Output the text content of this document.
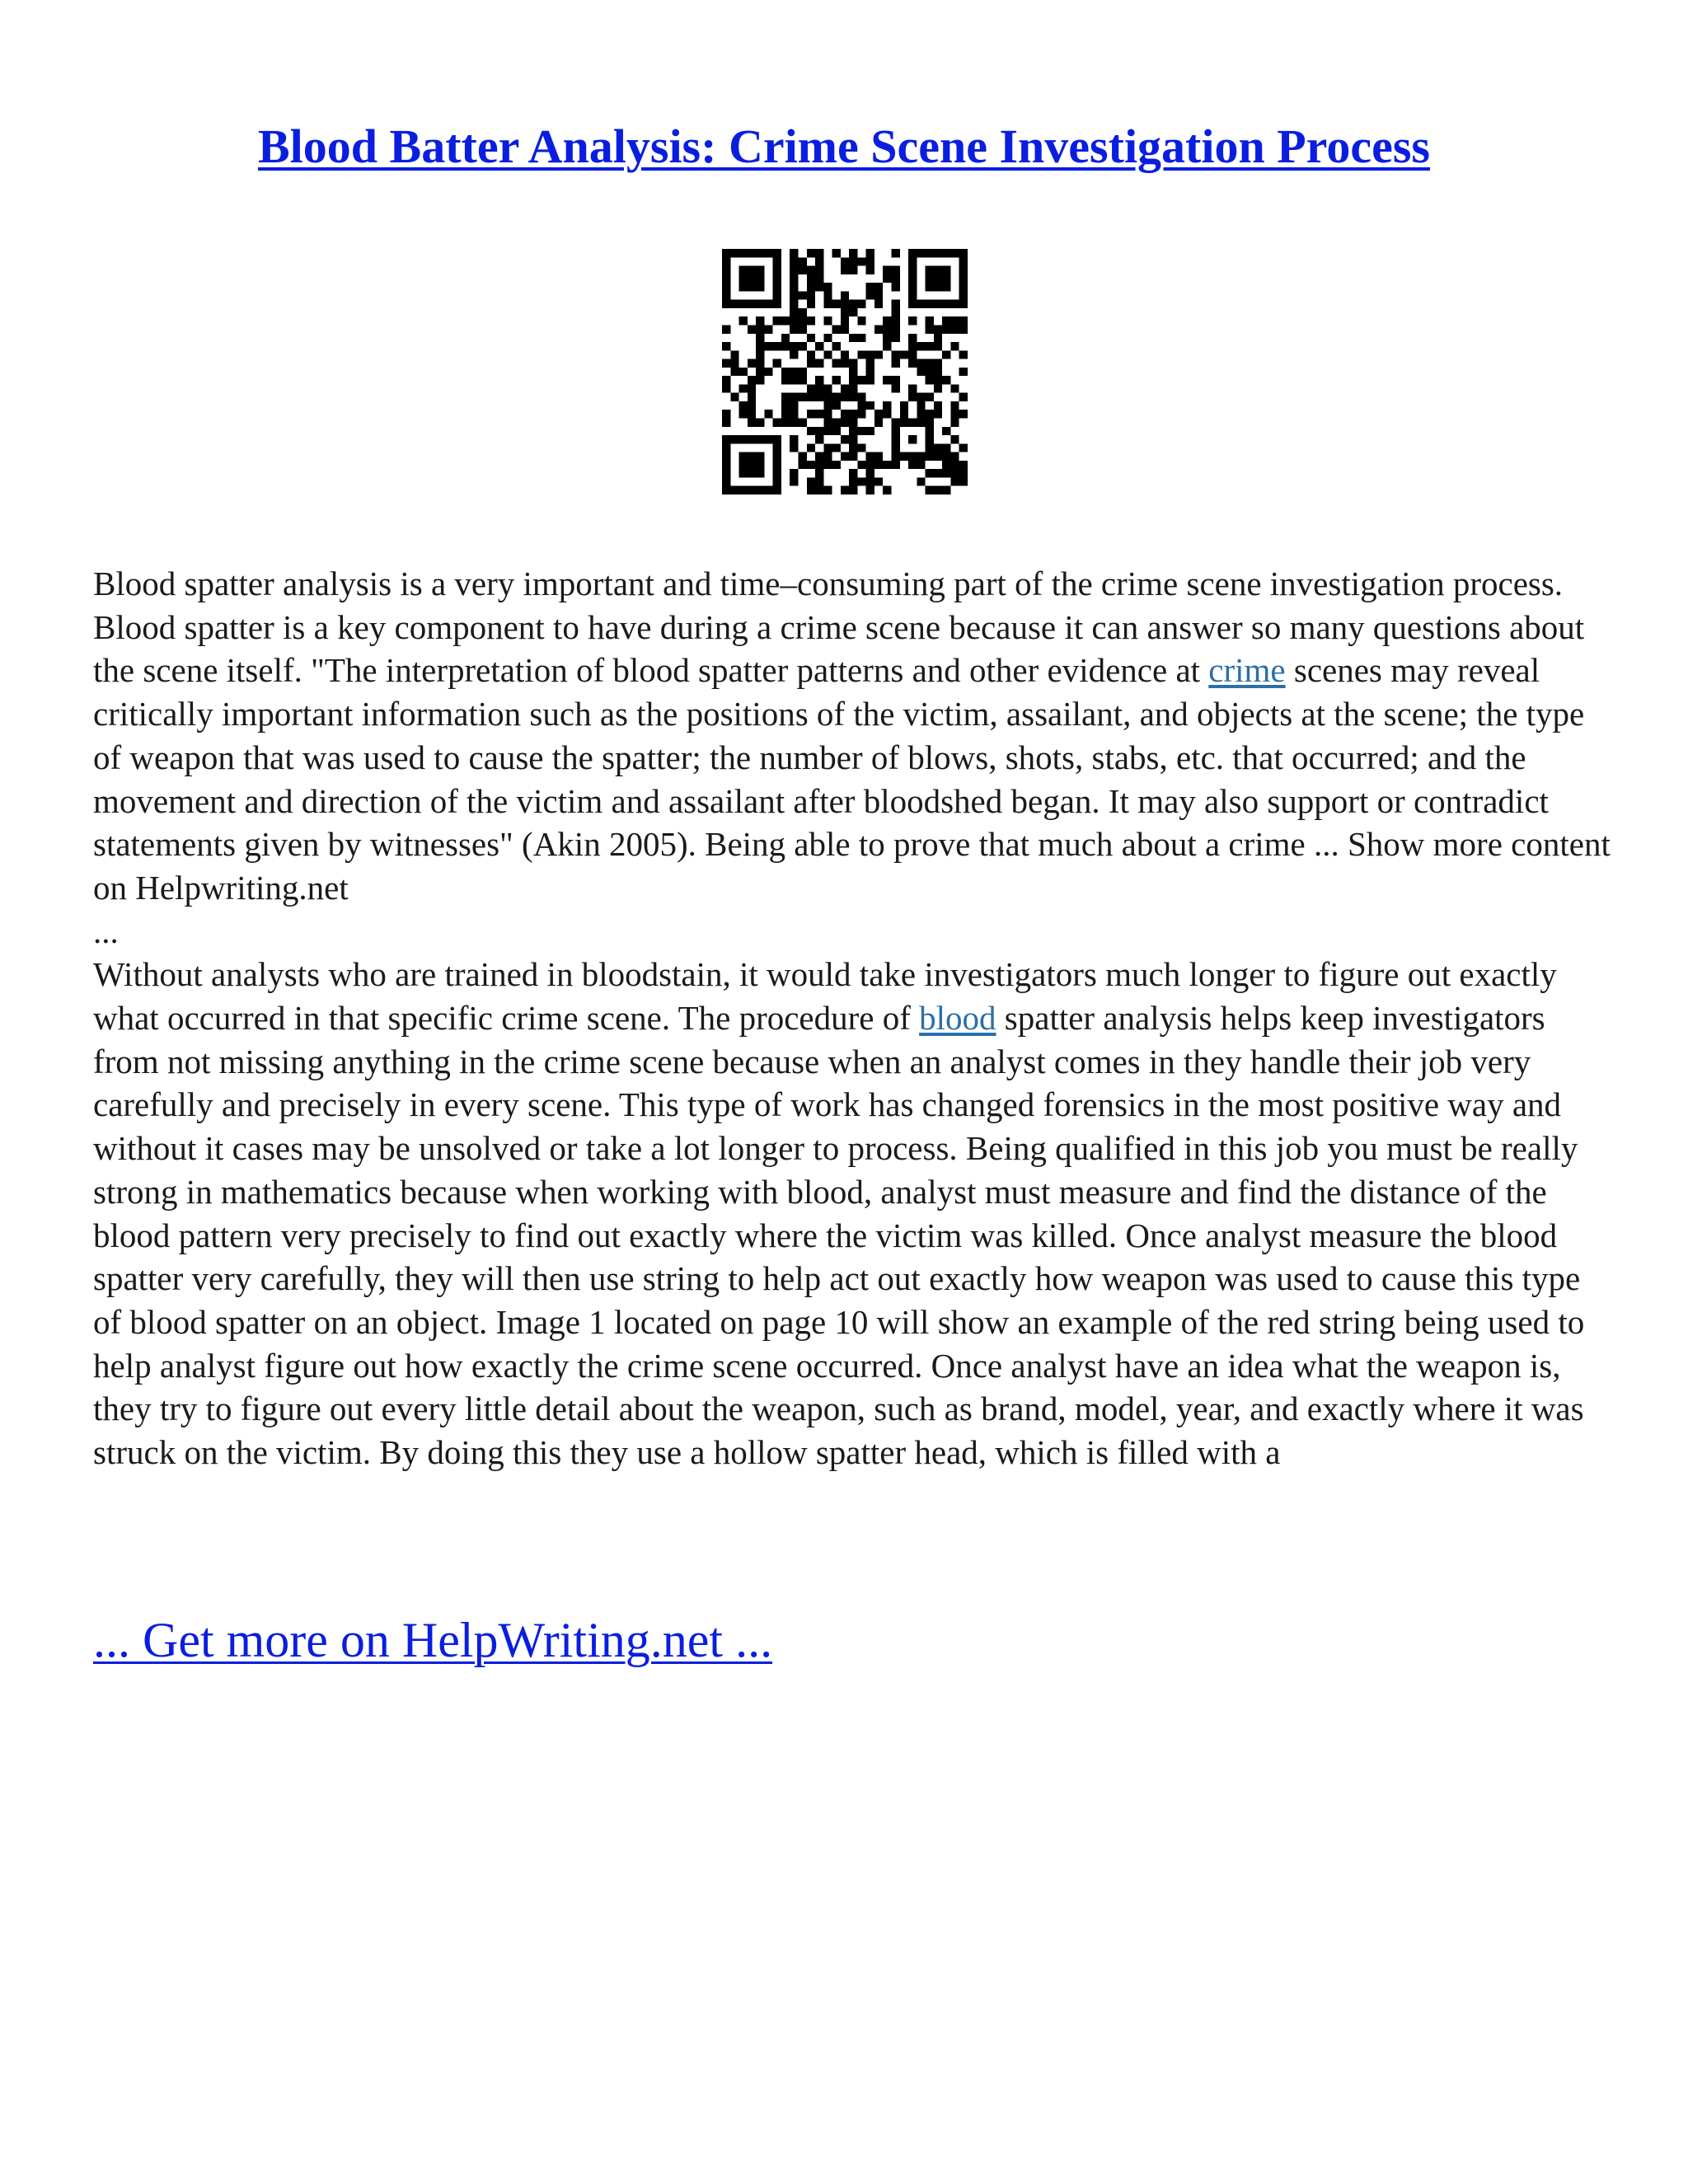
Blood Batter Analysis: Crime Scene Investigation Process

Blood spatter analysis is a very important and time–consuming part of the crime scene investigation process. Blood spatter is a key component to have during a crime scene because it can answer so many questions about the scene itself. "The interpretation of blood spatter patterns and other evidence at crime scenes may reveal critically important information such as the positions of the victim, assailant, and objects at the scene; the type of weapon that was used to cause the spatter; the number of blows, shots, stabs, etc. that occurred; and the movement and direction of the victim and assailant after bloodshed began. It may also support or contradict statements given by witnesses" (Akin 2005). Being able to prove that much about a crime ... Show more content on Helpwriting.net

...

Without analysts who are trained in bloodstain, it would take investigators much longer to figure out exactly what occurred in that specific crime scene. The procedure of blood spatter analysis helps keep investigators from not missing anything in the crime scene because when an analyst comes in they handle their job very carefully and precisely in every scene. This type of work has changed forensics in the most positive way and without it cases may be unsolved or take a lot longer to process. Being qualified in this job you must be really strong in mathematics because when working with blood, analyst must measure and find the distance of the blood pattern very precisely to find out exactly where the victim was killed. Once analyst measure the blood spatter very carefully, they will then use string to help act out exactly how weapon was used to cause this type of blood spatter on an object. Image 1 located on page 10 will show an example of the red string being used to help analyst figure out how exactly the crime scene occurred. Once analyst have an idea what the weapon is, they try to figure out every little detail about the weapon, such as brand, model, year, and exactly where it was struck on the victim. By doing this they use a hollow spatter head, which is filled with a

... Get more on HelpWriting.net ...
